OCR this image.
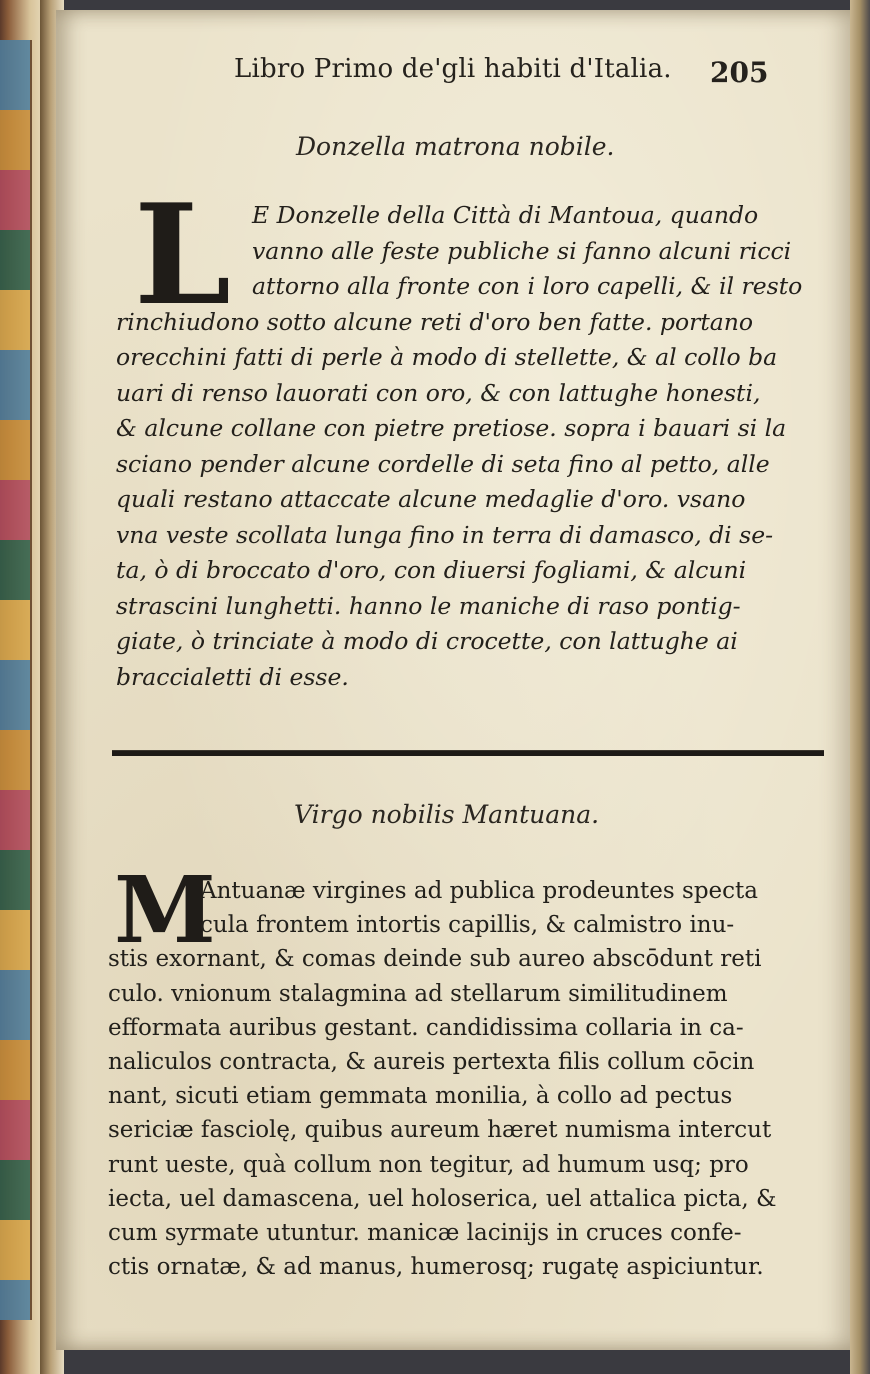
Libro Primo de'gli habiti d'Italia. 205
Donzella matrona nobile.
L E Donzelle della Città di Mantoua, quando
vanno alle feste publiche si fanno alcuni ricci
attorno alla fronte con i loro capelli, & il resto
rinchiudono sotto alcune reti d'oro ben fatte. portano
orecchini fatti di perle à modo di stellette, & al collo ba
uari di renso lauorati con oro, & con lattughe honesti,
& alcune collane con pietre pretiose. sopra i bauari si la
sciano pender alcune cordelle di seta fino al petto, alle
quali restano attaccate alcune medaglie d'oro. vsano
vna veste scollata lunga fino in terra di damasco, di se-
ta, ò di broccato d'oro, con diuersi fogliami, & alcuni
strascini lunghetti. hanno le maniche di raso pontig-
giate, ò trinciate à modo di crocette, con lattughe ai
braccialetti di esse.
Virgo nobilis Mantuana.
M
Antuanæ virgines ad publica prodeuntes specta
cula frontem intortis capillis, & calmistro inu-
stis exornant, & comas deinde sub aureo abscōdunt reti
culo. vnionum stalagmina ad stellarum similitudinem
efformata auribus gestant. candidissima collaria in ca-
naliculos contracta, & aureis pertexta filis collum cōcin
nant, sicuti etiam gemmata monilia, à collo ad pectus
sericiæ fasciolę, quibus aureum hæret numisma intercut
runt ueste, quà collum non tegitur, ad humum usq; pro
iecta, uel damascena, uel holoserica, uel attalica picta, &
cum syrmate utuntur. manicæ lacinijs in cruces confe-
ctis ornatæ, & ad manus, humerosq; rugatę aspiciuntur.
